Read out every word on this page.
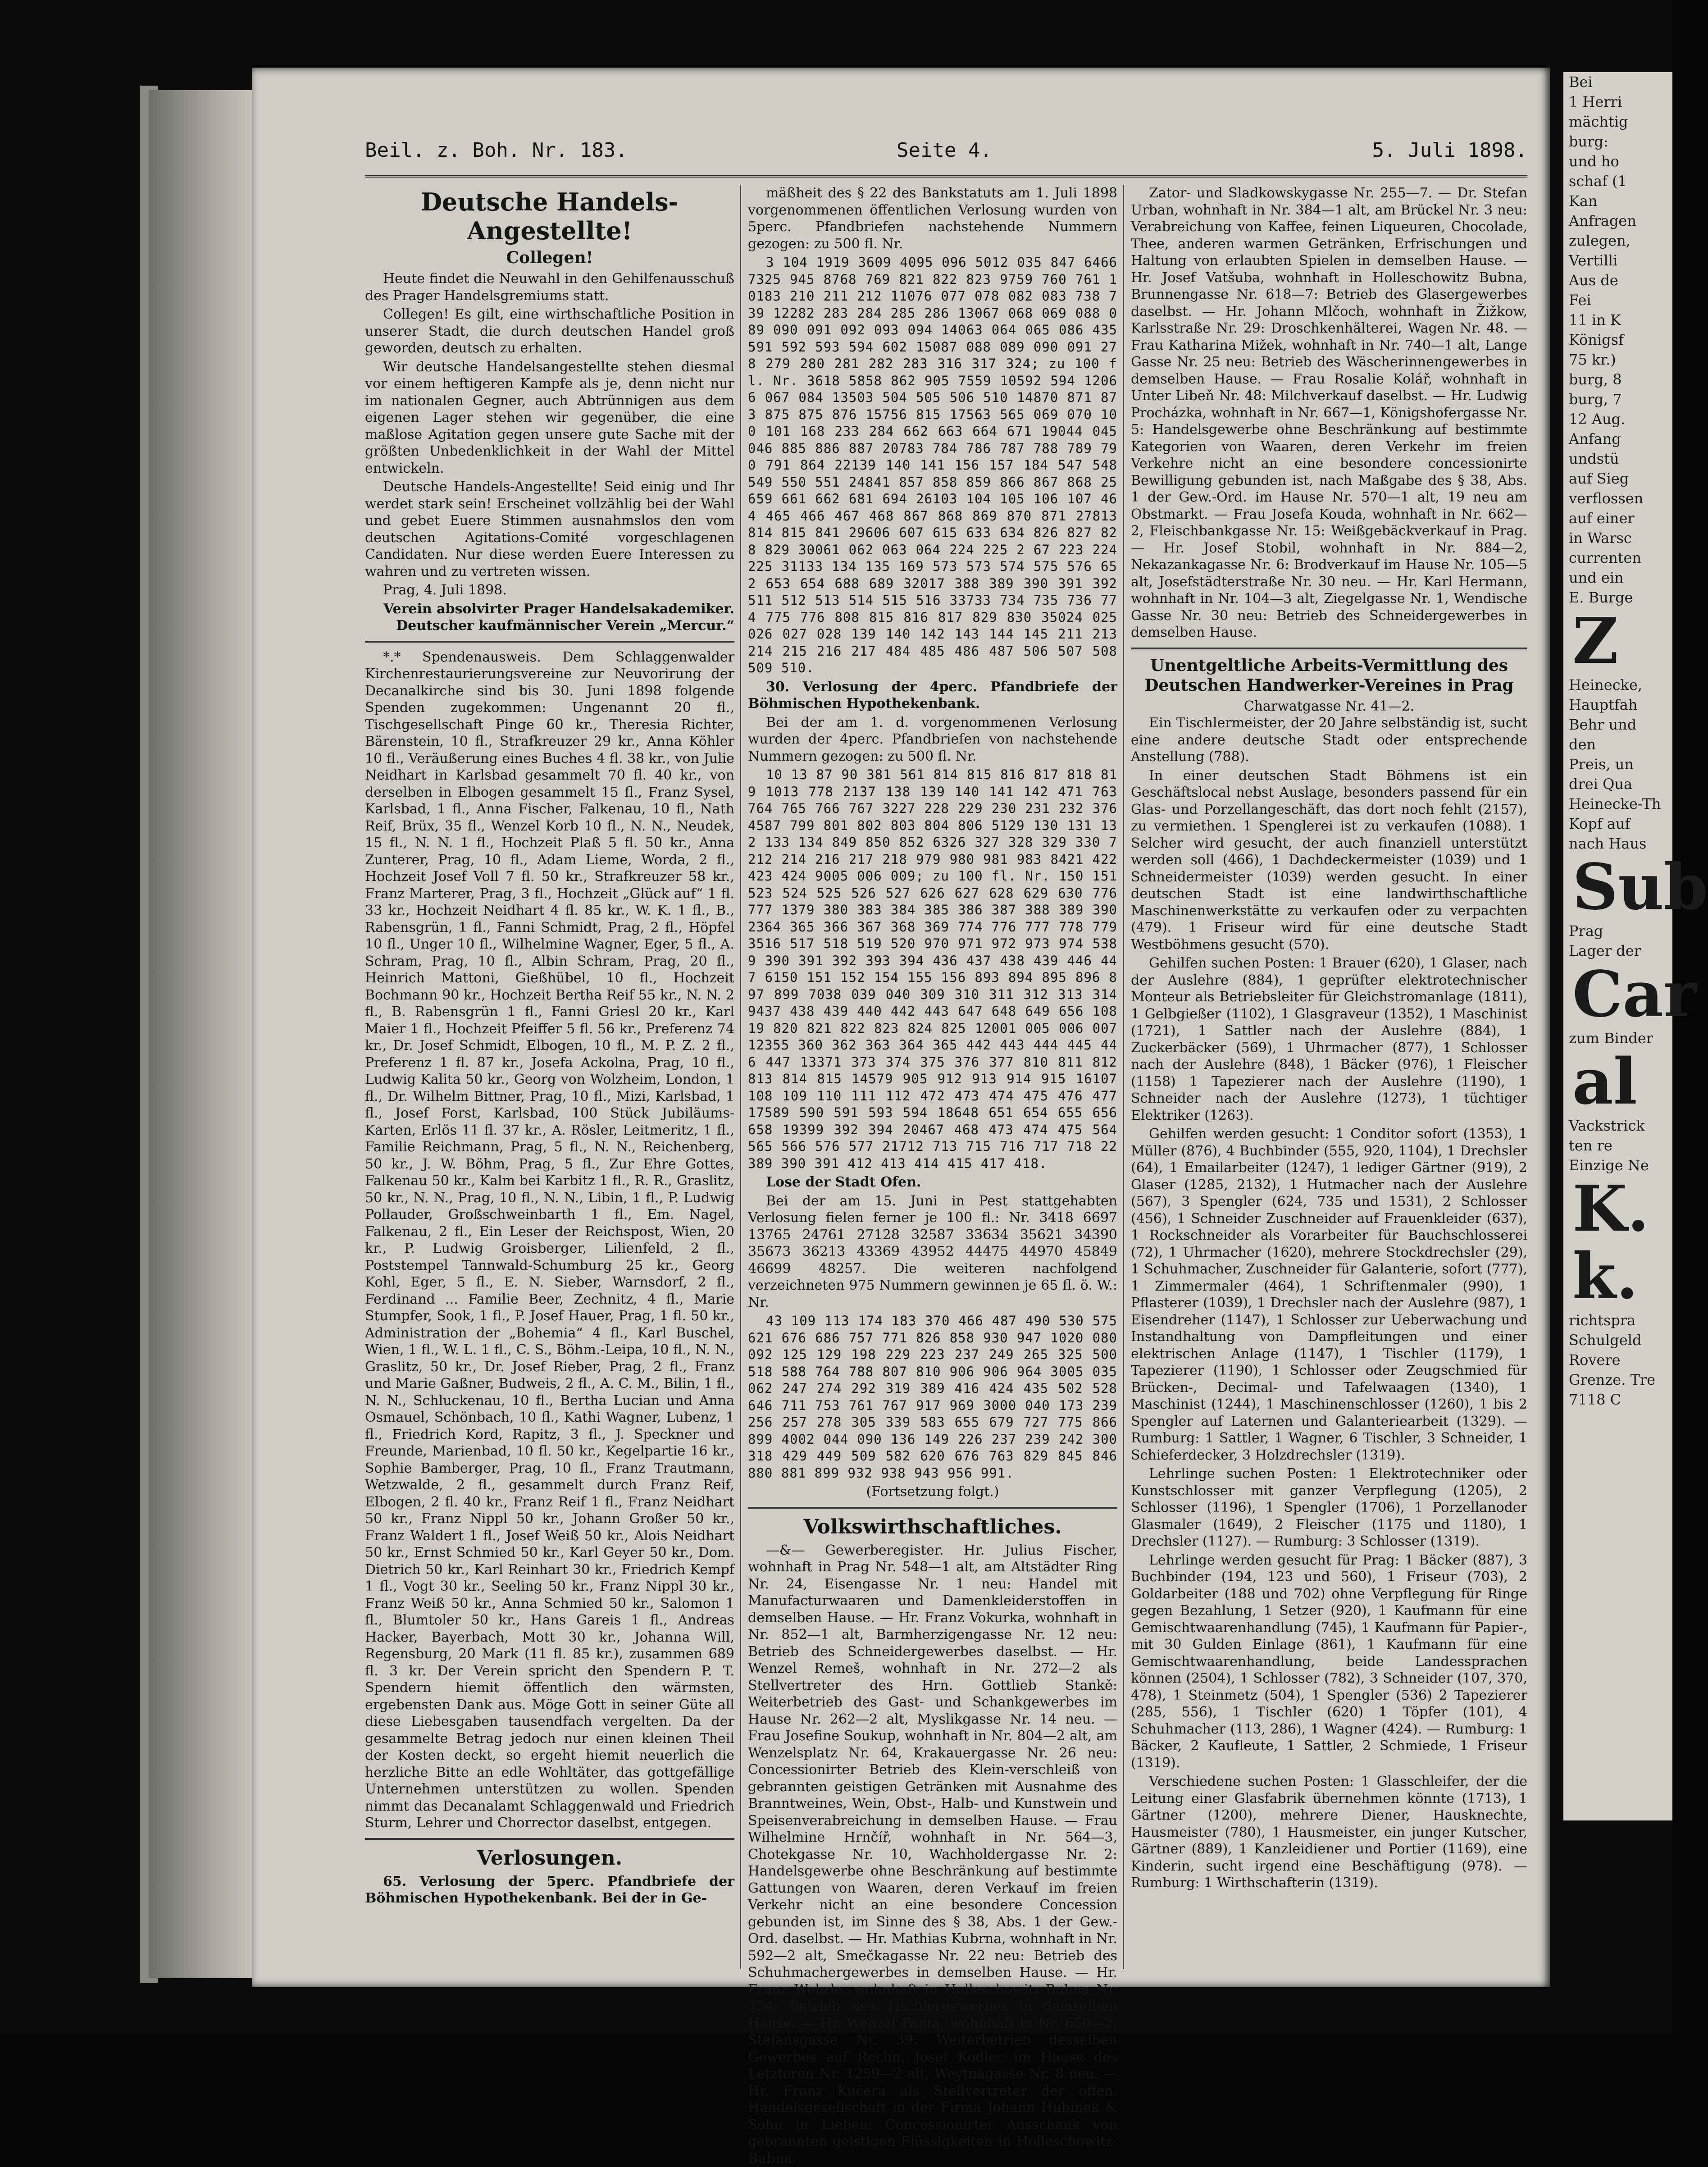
Beil. z. Boh. Nr. 183.	Seite 4.	5. Juli 1898.
Deutsche Handels-Angestellte!
Collegen!

Heute findet die Neuwahl in den Gehilfenausschuß des Prager Handelsgremiums statt.

Collegen! Es gilt, eine wirthschaftliche Position in unserer Stadt, die durch deutschen Handel groß geworden, deutsch zu erhalten.

Wir deutsche Handelsangestellte stehen diesmal vor einem heftigeren Kampfe als je, denn nicht nur im nationalen Gegner, auch Abtrünnigen aus dem eigenen Lager stehen wir gegenüber, die eine maßlose Agitation gegen unsere gute Sache mit der größten Unbedenklichkeit in der Wahl der Mittel entwickeln.

Deutsche Handels-Angestellte! Seid einig und Ihr werdet stark sein! Erscheinet vollzählig bei der Wahl und gebet Euere Stimmen ausnahmslos den vom deutschen Agitations-Comité vorgeschlagenen Candidaten. Nur diese werden Euere Interessen zu wahren und zu vertreten wissen.

Prag, 4. Juli 1898.

Verein absolvirter Prager Handelsakademiker.
Deutscher kaufmännischer Verein „Mercur.“

*.* Spendenausweis. Dem Schlaggenwalder Kirchenrestaurierungsvereine zur Neuvorirung der Decanalkirche sind bis 30. Juni 1898 folgende Spenden zugekommen: Ungenannt 20 fl., Tischgesellschaft Pinge 60 kr., Theresia Richter, Bärenstein, 10 fl., Strafkreuzer 29 kr., Anna Köhler 10 fl., Veräußerung eines Buches 4 fl. 38 kr., von Julie Neidhart in Karlsbad gesammelt 70 fl. 40 kr., von derselben in Elbogen gesammelt 15 fl., Franz Sysel, Karlsbad, 1 fl., Anna Fischer, Falkenau, 10 fl., Nath Reif, Brüx, 35 fl., Wenzel Korb 10 fl., N. N., Neudek, 15 fl., N. N. 1 fl., Hochzeit Plaß 5 fl. 50 kr., Anna Zunterer, Prag, 10 fl., Adam Lieme, Worda, 2 fl., Hochzeit Josef Voll 7 fl. 50 kr., Strafkreuzer 58 kr., Franz Marterer, Prag, 3 fl., Hochzeit „Glück auf“ 1 fl. 33 kr., Hochzeit Neidhart 4 fl. 85 kr., W. K. 1 fl., B., Rabensgrün, 1 fl., Fanni Schmidt, Prag, 2 fl., Höpfel 10 fl., Unger 10 fl., Wilhelmine Wagner, Eger, 5 fl., A. Schram, Prag, 10 fl., Albin Schram, Prag, 20 fl., Heinrich Mattoni, Gießhübel, 10 fl., Hochzeit Bochmann 90 kr., Hochzeit Bertha Reif 55 kr., N. N. 2 fl., B. Rabensgrün 1 fl., Fanni Griesl 20 kr., Karl Maier 1 fl., Hochzeit Pfeiffer 5 fl. 56 kr., Preferenz 74 kr., Dr. Josef Schmidt, Elbogen, 10 fl., M. P. Z. 2 fl., Preferenz 1 fl. 87 kr., Josefa Ackolna, Prag, 10 fl., Ludwig Kalita 50 kr., Georg von Wolzheim, London, 1 fl., Dr. Wilhelm Bittner, Prag, 10 fl., Mizi, Karlsbad, 1 fl., Josef Forst, Karlsbad, 100 Stück Jubiläums-Karten, Erlös 11 fl. 37 kr., A. Rösler, Leitmeritz, 1 fl., Familie Reichmann, Prag, 5 fl., N. N., Reichenberg, 50 kr., J. W. Böhm, Prag, 5 fl., Zur Ehre Gottes, Falkenau 50 kr., Kalm bei Karbitz 1 fl., R. R., Graslitz, 50 kr., N. N., Prag, 10 fl., N. N., Libin, 1 fl., P. Ludwig Pollauder, Großschweinbarth 1 fl., Em. Nagel, Falkenau, 2 fl., Ein Leser der Reichspost, Wien, 20 kr., P. Ludwig Groisberger, Lilienfeld, 2 fl., Poststempel Tannwald-Schumburg 25 kr., Georg Kohl, Eger, 5 fl., E. N. Sieber, Warnsdorf, 2 fl., Ferdinand ... Familie Beer, Zechnitz, 4 fl., Marie Stumpfer, Sook, 1 fl., P. Josef Hauer, Prag, 1 fl. 50 kr., Administration der „Bohemia“ 4 fl., Karl Buschel, Wien, 1 fl., W. L. 1 fl., C. S., Böhm.-Leipa, 10 fl., N. N., Graslitz, 50 kr., Dr. Josef Rieber, Prag, 2 fl., Franz und Marie Gaßner, Budweis, 2 fl., A. C. M., Bilin, 1 fl., N. N., Schluckenau, 10 fl., Bertha Lucian und Anna Osmauel, Schönbach, 10 fl., Kathi Wagner, Lubenz, 1 fl., Friedrich Kord, Rapitz, 3 fl., J. Speckner und Freunde, Marienbad, 10 fl. 50 kr., Kegelpartie 16 kr., Sophie Bamberger, Prag, 10 fl., Franz Trautmann, Wetzwalde, 2 fl., gesammelt durch Franz Reif, Elbogen, 2 fl. 40 kr., Franz Reif 1 fl., Franz Neidhart 50 kr., Franz Nippl 50 kr., Johann Großer 50 kr., Franz Waldert 1 fl., Josef Weiß 50 kr., Alois Neidhart 50 kr., Ernst Schmied 50 kr., Karl Geyer 50 kr., Dom. Dietrich 50 kr., Karl Reinhart 30 kr., Friedrich Kempf 1 fl., Vogt 30 kr., Seeling 50 kr., Franz Nippl 30 kr., Franz Weiß 50 kr., Anna Schmied 50 kr., Salomon 1 fl., Blumtoler 50 kr., Hans Gareis 1 fl., Andreas Hacker, Bayerbach, Mott 30 kr., Johanna Will, Regensburg, 20 Mark (11 fl. 85 kr.), zusammen 689 fl. 3 kr. Der Verein spricht den Spendern P. T. Spendern hiemit öffentlich den wärmsten, ergebensten Dank aus. Möge Gott in seiner Güte all diese Liebesgaben tausendfach vergelten. Da der gesammelte Betrag jedoch nur einen kleinen Theil der Kosten deckt, so ergeht hiemit neuerlich die herzliche Bitte an edle Wohltäter, das gottgefällige Unternehmen unterstützen zu wollen. Spenden nimmt das Decanalamt Schlaggenwald und Friedrich Sturm, Lehrer und Chorrector daselbst, entgegen.

Verlosungen.

65. Verlosung der 5perc. Pfandbriefe der Böhmischen Hypothekenbank. Bei der in Ge-

mäßheit des § 22 des Bankstatuts am 1. Juli 1898 vorgenommenen öffentlichen Verlosung wurden von 5perc. Pfandbriefen nachstehende Nummern gezogen: zu 500 fl. Nr.

3 104 1919 3609 4095 096 5012 035 847 6466 7325 945 8768 769 821 822 823 9759 760 761 10183 210 211 212 11076 077 078 082 083 738 739 12282 283 284 285 286 13067 068 069 088 089 090 091 092 093 094 14063 064 065 086 435 591 592 593 594 602 15087 088 089 090 091 278 279 280 281 282 283 316 317 324; zu 100 fl. Nr. 3618 5858 862 905 7559 10592 594 12066 067 084 13503 504 505 506 510 14870 871 873 875 875 876 15756 815 17563 565 069 070 100 101 168 233 284 662 663 664 671 19044 045 046 885 886 887 20783 784 786 787 788 789 790 791 864 22139 140 141 156 157 184 547 548 549 550 551 24841 857 858 859 866 867 868 25659 661 662 681 694 26103 104 105 106 107 464 465 466 467 468 867 868 869 870 871 27813 814 815 841 29606 607 615 633 634 826 827 828 829 30061 062 063 064 224 225 2 67 223 224 225 31133 134 135 169 573 573 574 575 576 652 653 654 688 689 32017 388 389 390 391 392 511 512 513 514 515 516 33733 734 735 736 774 775 776 808 815 816 817 829 830 35024 025 026 027 028 139 140 142 143 144 145 211 213 214 215 216 217 484 485 486 487 506 507 508 509 510.

30. Verlosung der 4perc. Pfandbriefe der Böhmischen Hypothekenbank.

Bei der am 1. d. vorgenommenen Verlosung wurden der 4perc. Pfandbriefen von nachstehende Nummern gezogen: zu 500 fl. Nr.

10 13 87 90 381 561 814 815 816 817 818 819 1013 778 2137 138 139 140 141 142 471 763 764 765 766 767 3227 228 229 230 231 232 376 4587 799 801 802 803 804 806 5129 130 131 132 133 134 849 850 852 6326 327 328 329 330 7212 214 216 217 218 979 980 981 983 8421 422 423 424 9005 006 009; zu 100 fl. Nr. 150 151 523 524 525 526 527 626 627 628 629 630 776 777 1379 380 383 384 385 386 387 388 389 390 2364 365 366 367 368 369 774 776 777 778 779 3516 517 518 519 520 970 971 972 973 974 5389 390 391 392 393 394 436 437 438 439 446 447 6150 151 152 154 155 156 893 894 895 896 897 899 7038 039 040 309 310 311 312 313 314 9437 438 439 440 442 443 647 648 649 656 10819 820 821 822 823 824 825 12001 005 006 007 12355 360 362 363 364 365 442 443 444 445 446 447 13371 373 374 375 376 377 810 811 812 813 814 815 14579 905 912 913 914 915 16107 108 109 110 111 112 472 473 474 475 476 477 17589 590 591 593 594 18648 651 654 655 656 658 19399 392 394 20467 468 473 474 475 564 565 566 576 577 21712 713 715 716 717 718 22389 390 391 412 413 414 415 417 418.

Lose der Stadt Ofen.

Bei der am 15. Juni in Pest stattgehabten Verlosung fielen ferner je 100 fl.: Nr. 3418 6697 13765 24761 27128 32587 33634 35621 34390 35673 36213 43369 43952 44475 44970 45849 46699 48257. Die weiteren nachfolgend verzeichneten 975 Nummern gewinnen je 65 fl. ö. W.: Nr.

43 109 113 174 183 370 466 487 490 530 575 621 676 686 757 771 826 858 930 947 1020 080 092 125 129 198 229 223 237 249 265 325 500 518 588 764 788 807 810 906 906 964 3005 035 062 247 274 292 319 389 416 424 435 502 528 646 711 753 761 767 917 969 3000 040 173 239 256 257 278 305 339 583 655 679 727 775 866 899 4002 044 090 136 149 226 237 239 242 300 318 429 449 509 582 620 676 763 829 845 846 880 881 899 932 938 943 956 991.

(Fortsetzung folgt.)
Volkswirthschaftliches.

—&— Gewerberegister. Hr. Julius Fischer, wohnhaft in Prag Nr. 548—1 alt, am Altstädter Ring Nr. 24, Eisengasse Nr. 1 neu: Handel mit Manufacturwaaren und Damenkleiderstoffen in demselben Hause. — Hr. Franz Vokurka, wohnhaft in Nr. 852—1 alt, Barmherzigengasse Nr. 12 neu: Betrieb des Schneidergewerbes daselbst. — Hr. Wenzel Remeš, wohnhaft in Nr. 272—2 als Stellvertreter des Hrn. Gottlieb Stankě: Weiterbetrieb des Gast- und Schankgewerbes im Hause Nr. 262—2 alt, Myslikgasse Nr. 14 neu. — Frau Josefine Soukup, wohnhaft in Nr. 804—2 alt, am Wenzelsplatz Nr. 64, Krakauergasse Nr. 26 neu: Concessionirter Betrieb des Klein-verschleiß von gebrannten geistigen Getränken mit Ausnahme des Branntweines, Wein, Obst-, Halb- und Kunstwein und Speisenverabreichung in demselben Hause. — Frau Wilhelmine Hrnčíř, wohnhaft in Nr. 564—3, Chotekgasse Nr. 10, Wachholdergasse Nr. 2: Handelsgewerbe ohne Beschränkung auf bestimmte Gattungen von Waaren, deren Verkauf im freien Verkehr nicht an eine besondere Concession gebunden ist, im Sinne des § 38, Abs. 1 der Gew.-Ord. daselbst. — Hr. Mathias Kubrna, wohnhaft in Nr. 592—2 alt, Smečkagasse Nr. 22 neu: Betrieb des Schuhmachergewerbes in demselben Hause. — Hr. Franz Wehrle, wohnhaft in Holleschowitz-Bubna Nr. 754: Betrieb des Tischlergewerbes in demselben Hause. — Hr. Wenzel Fanta, wohnhaft in Nr. 650—2, Stefansgasse Nr. 39: Weiterbetrieb desselben Gewerbes auf Rechn. Josef Kodlec im Hause des Letzteren Nr. 1259—2 alt, Weytnagasse Nr. 8 neu. — Hr. Franz Kučera als Stellvertreter der offen. Handelsgesellschaft in der Firma Johann Hubinek & Sohn in Lieben: Concessionirter Ausschank von gebrannten geistigen Flüssigkeiten in Holleschowitz-Bubna,

Zator- und Sladkowskygasse Nr. 255—7. — Dr. Stefan Urban, wohnhaft in Nr. 384—1 alt, am Brückel Nr. 3 neu: Verabreichung von Kaffee, feinen Liqueuren, Chocolade, Thee, anderen warmen Getränken, Erfrischungen und Haltung von erlaubten Spielen in demselben Hause. — Hr. Josef Vatšuba, wohnhaft in Holleschowitz Bubna, Brunnengasse Nr. 618—7: Betrieb des Glasergewerbes daselbst. — Hr. Johann Mlčoch, wohnhaft in Žižkow, Karlsstraße Nr. 29: Droschkenhälterei, Wagen Nr. 48. — Frau Katharina Mižek, wohnhaft in Nr. 740—1 alt, Lange Gasse Nr. 25 neu: Betrieb des Wäscherinnengewerbes in demselben Hause. — Frau Rosalie Kolář, wohnhaft in Unter Libeň Nr. 48: Milchverkauf daselbst. — Hr. Ludwig Procházka, wohnhaft in Nr. 667—1, Königshofergasse Nr. 5: Handelsgewerbe ohne Beschränkung auf bestimmte Kategorien von Waaren, deren Verkehr im freien Verkehre nicht an eine besondere concessionirte Bewilligung gebunden ist, nach Maßgabe des § 38, Abs. 1 der Gew.-Ord. im Hause Nr. 570—1 alt, 19 neu am Obstmarkt. — Frau Josefa Kouda, wohnhaft in Nr. 662—2, Fleischbankgasse Nr. 15: Weißgebäckverkauf in Prag. — Hr. Josef Stobil, wohnhaft in Nr. 884—2, Nekazankagasse Nr. 6: Brodverkauf im Hause Nr. 105—5 alt, Josefstädterstraße Nr. 30 neu. — Hr. Karl Hermann, wohnhaft in Nr. 104—3 alt, Ziegelgasse Nr. 1, Wendische Gasse Nr. 30 neu: Betrieb des Schneidergewerbes in demselben Hause.

Unentgeltliche Arbeits-Vermittlung des Deutschen Handwerker-Vereines in Prag
Charwatgasse Nr. 41—2.

Ein Tischlermeister, der 20 Jahre selbständig ist, sucht eine andere deutsche Stadt oder entsprechende Anstellung (788).

In einer deutschen Stadt Böhmens ist ein Geschäftslocal nebst Auslage, besonders passend für ein Glas- und Porzellangeschäft, das dort noch fehlt (2157), zu vermiethen. 1 Spenglerei ist zu verkaufen (1088). 1 Selcher wird gesucht, der auch finanziell unterstützt werden soll (466), 1 Dachdeckermeister (1039) und 1 Schneidermeister (1039) werden gesucht. In einer deutschen Stadt ist eine landwirthschaftliche Maschinenwerkstätte zu verkaufen oder zu verpachten (479). 1 Friseur wird für eine deutsche Stadt Westböhmens gesucht (570).

Gehilfen suchen Posten: 1 Brauer (620), 1 Glaser, nach der Auslehre (884), 1 geprüfter elektrotechnischer Monteur als Betriebsleiter für Gleichstromanlage (1811), 1 Gelbgießer (1102), 1 Glasgraveur (1352), 1 Maschinist (1721), 1 Sattler nach der Auslehre (884), 1 Zuckerbäcker (569), 1 Uhrmacher (877), 1 Schlosser nach der Auslehre (848), 1 Bäcker (976), 1 Fleischer (1158) 1 Tapezierer nach der Auslehre (1190), 1 Schneider nach der Auslehre (1273), 1 tüchtiger Elektriker (1263).

Gehilfen werden gesucht: 1 Conditor sofort (1353), 1 Müller (876), 4 Buchbinder (555, 920, 1104), 1 Drechsler (64), 1 Emailarbeiter (1247), 1 lediger Gärtner (919), 2 Glaser (1285, 2132), 1 Hutmacher nach der Auslehre (567), 3 Spengler (624, 735 und 1531), 2 Schlosser (456), 1 Schneider Zuschneider auf Frauenkleider (637), 1 Rockschneider als Vorarbeiter für Bauchschlosserei (72), 1 Uhrmacher (1620), mehrere Stockdrechsler (29), 1 Schuhmacher, Zuschneider für Galanterie, sofort (777), 1 Zimmermaler (464), 1 Schriftenmaler (990), 1 Pflasterer (1039), 1 Drechsler nach der Auslehre (987), 1 Eisendreher (1147), 1 Schlosser zur Ueberwachung und Instandhaltung von Dampfleitungen und einer elektrischen Anlage (1147), 1 Tischler (1179), 1 Tapezierer (1190), 1 Schlosser oder Zeugschmied für Brücken-, Decimal- und Tafelwaagen (1340), 1 Maschinist (1244), 1 Maschinenschlosser (1260), 1 bis 2 Spengler auf Laternen und Galanteriearbeit (1329). — Rumburg: 1 Sattler, 1 Wagner, 6 Tischler, 3 Schneider, 1 Schieferdecker, 3 Holzdrechsler (1319).

Lehrlinge suchen Posten: 1 Elektrotechniker oder Kunstschlosser mit ganzer Verpflegung (1205), 2 Schlosser (1196), 1 Spengler (1706), 1 Porzellanoder Glasmaler (1649), 2 Fleischer (1175 und 1180), 1 Drechsler (1127). — Rumburg: 3 Schlosser (1319).

Lehrlinge werden gesucht für Prag: 1 Bäcker (887), 3 Buchbinder (194, 123 und 560), 1 Friseur (703), 2 Goldarbeiter (188 und 702) ohne Verpflegung für Ringe gegen Bezahlung, 1 Setzer (920), 1 Kaufmann für eine Gemischtwaarenhandlung (745), 1 Kaufmann für Papier-, mit 30 Gulden Einlage (861), 1 Kaufmann für eine Gemischtwaarenhandlung, beide Landessprachen können (2504), 1 Schlosser (782), 3 Schneider (107, 370, 478), 1 Steinmetz (504), 1 Spengler (536) 2 Tapezierer (285, 556), 1 Tischler (620) 1 Töpfer (101), 4 Schuhmacher (113, 286), 1 Wagner (424). — Rumburg: 1 Bäcker, 2 Kaufleute, 1 Sattler, 2 Schmiede, 1 Friseur (1319).

Verschiedene suchen Posten: 1 Glasschleifer, der die Leitung einer Glasfabrik übernehmen könnte (1713), 1 Gärtner (1200), mehrere Diener, Hausknechte, Hausmeister (780), 1 Hausmeister, ein junger Kutscher, Gärtner (889), 1 Kanzleidiener und Portier (1169), eine Kinderin, sucht irgend eine Beschäftigung (978). — Rumburg: 1 Wirthschafterin (1319).

Bei
1 Herri
mächtig
burg:
und ho
schaf (1
Kan
Anfragen
zulegen,
Vertilli
Aus de
Fei
11 in K
Königsf
75 kr.)
burg, 8
burg, 7
12 Aug.
Anfang
undstü
auf Sieg
verflossen
auf einer
in Warsc
currenten
und ein
E. Burge
Z
Heinecke,
Hauptfah
Behr und
den
Preis, un
drei Qua
Heinecke-Th
Kopf auf
nach Haus
Sub
Prag
Lager der
Car
zum Binder
al
Vackstrick
ten re
Einzige Ne
K. k.
richtspra
Schulgeld
Rovere
Grenze. Tre
7118 C
